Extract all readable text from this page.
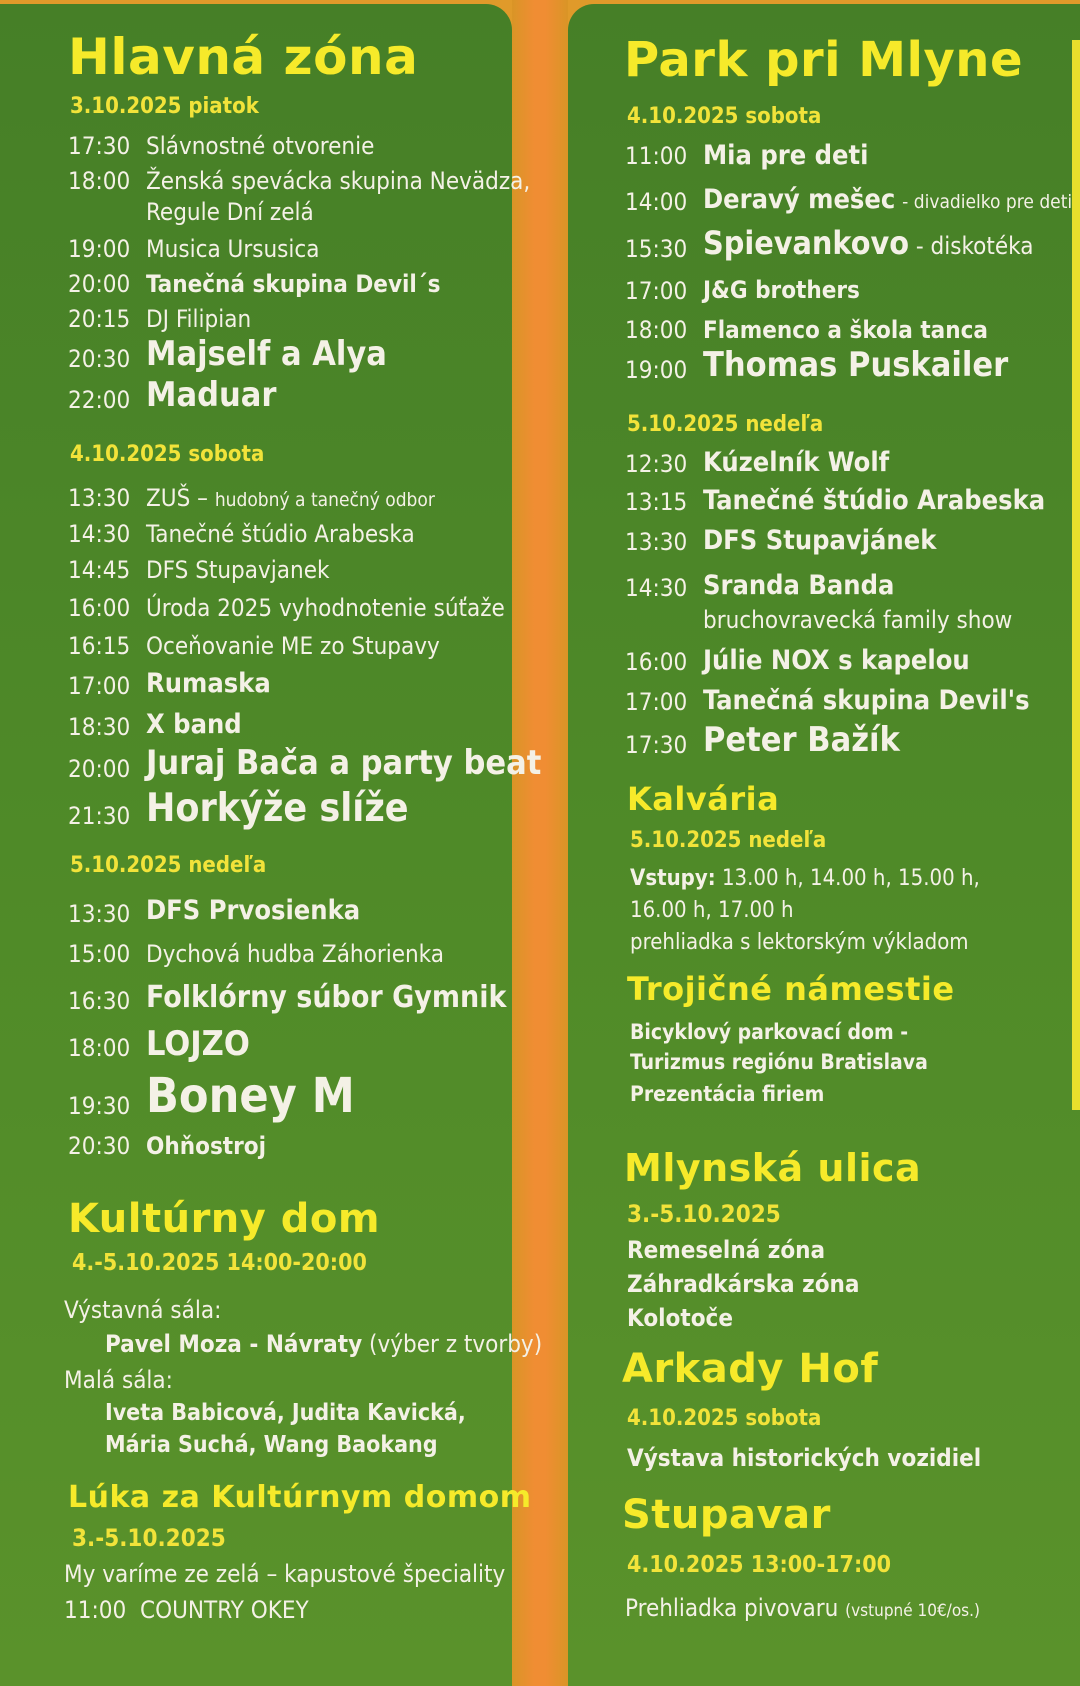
Hlavná zóna
3.10.2025 piatok
17:30 Slávnostné otvorenie
18:00 Ženská spevácka skupina Nevädza,
Regule Dní zelá
19:00 Musica Ursusica
20:00 Tanečná skupina Devil´s
20:15 DJ Filipian
20:30 Majself a Alya
22:00 Maduar
4.10.2025 sobota
13:30 ZUŠ – hudobný a tanečný odbor
14:30 Tanečné štúdio Arabeska
14:45 DFS Stupavjanek
16:00 Úroda 2025 vyhodnotenie súťaže
16:15 Oceňovanie ME zo Stupavy
17:00 Rumaska
18:30 X band
20:00 Juraj Bača a party beat
21:30 Horkýže slíže
5.10.2025 nedeľa
13:30 DFS Prvosienka
15:00 Dychová hudba Záhorienka
16:30 Folklórny súbor Gymnik
18:00 LOJZO
19:30 Boney M
20:30 Ohňostroj
Kultúrny dom
4.-5.10.2025 14:00-20:00
Výstavná sála:
Pavel Moza - Návraty (výber z tvorby)
Malá sála:
Iveta Babicová, Judita Kavická,
Mária Suchá, Wang Baokang
Lúka za Kultúrnym domom
3.-5.10.2025
My varíme ze zelá – kapustové špeciality
11:00 COUNTRY OKEY
Park pri Mlyne
4.10.2025 sobota
11:00 Mia pre deti
14:00 Deravý mešec - divadielko pre deti
15:30 Spievankovo - diskotéka
17:00 J&G brothers
18:00 Flamenco a škola tanca
19:00 Thomas Puskailer
5.10.2025 nedeľa
12:30 Kúzelník Wolf
13:15 Tanečné štúdio Arabeska
13:30 DFS Stupavjánek
14:30 Sranda Banda
bruchovravecká family show
16:00 Júlie NOX s kapelou
17:00 Tanečná skupina Devil's
17:30 Peter Bažík
Kalvária
5.10.2025 nedeľa
Vstupy: 13.00 h, 14.00 h, 15.00 h,
16.00 h, 17.00 h
prehliadka s lektorským výkladom
Trojičné námestie
Bicyklový parkovací dom -
Turizmus regiónu Bratislava
Prezentácia firiem
Mlynská ulica
3.-5.10.2025
Remeselná zóna
Záhradkárska zóna
Kolotoče
Arkady Hof
4.10.2025 sobota
Výstava historických vozidiel
Stupavar
4.10.2025 13:00-17:00
Prehliadka pivovaru (vstupné 10€/os.)
